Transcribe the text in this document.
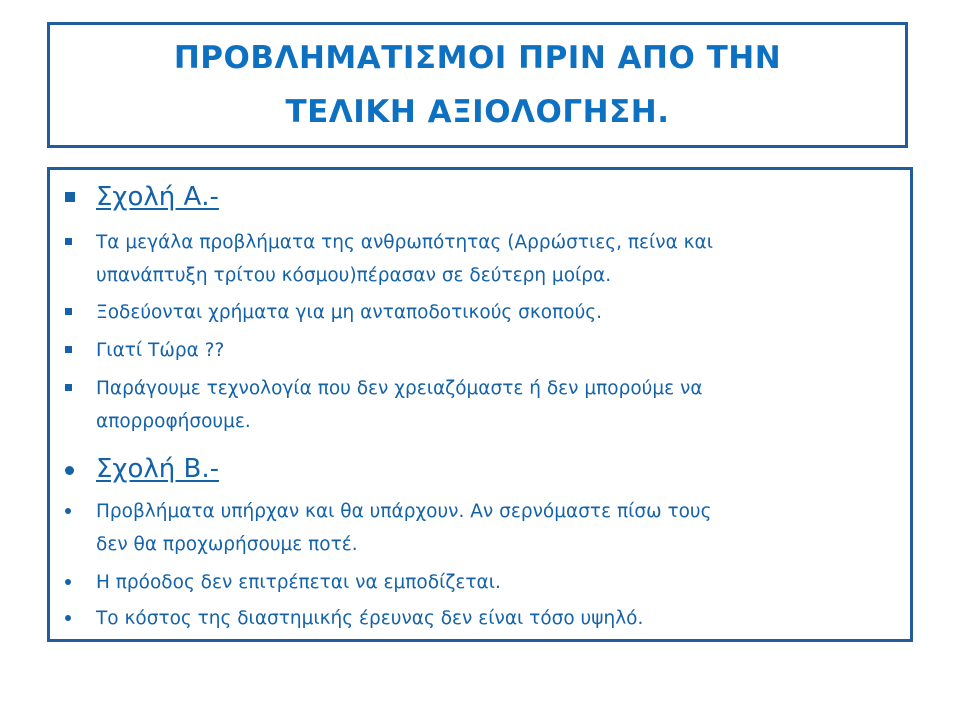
ΠΡΟΒΛΗΜΑΤΙΣΜΟΙ ΠΡΙΝ ΑΠΟ ΤΗΝ
ΤΕΛΙΚΗ ΑΞΙΟΛΟΓΗΣΗ.
Σχολή Α.-
Τα μεγάλα προβλήματα της ανθρωπότητας (Αρρώστιες, πείνα και
υπανάπτυξη τρίτου κόσμου)πέρασαν σε δεύτερη μοίρα.
Ξοδεύονται χρήματα για μη ανταποδοτικούς σκοπούς.
Γιατί Τώρα ??
Παράγουμε τεχνολογία που δεν χρειαζόμαστε ή δεν μπορούμε να
απορροφήσουμε.
Σχολή Β.-
Προβλήματα υπήρχαν και θα υπάρχουν. Αν σερνόμαστε πίσω τους
δεν θα προχωρήσουμε ποτέ.
Η πρόοδος δεν επιτρέπεται να εμποδίζεται.
Το κόστος της διαστημικής έρευνας δεν είναι τόσο υψηλό.
